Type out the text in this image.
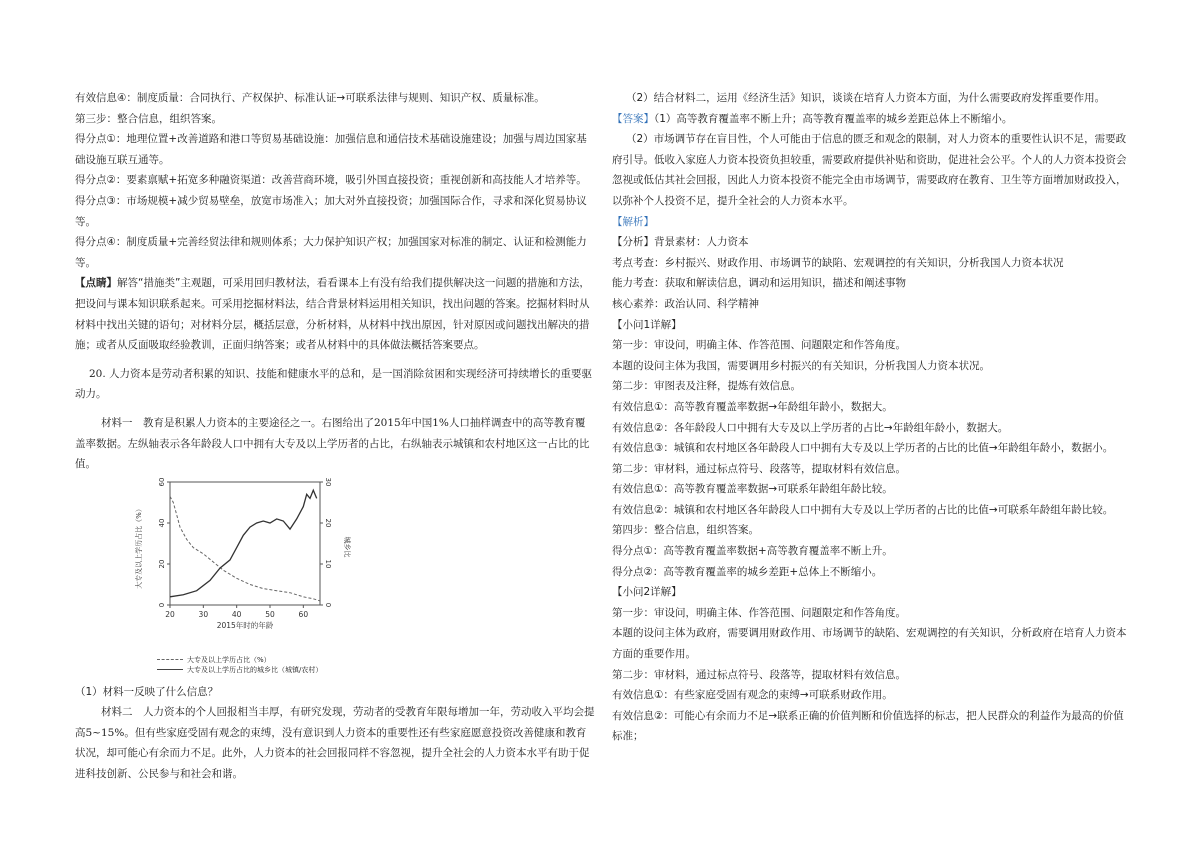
有效信息④：制度质量：合同执行、产权保护、标准认证→可联系法律与规则、知识产权、质量标准。

第三步：整合信息，组织答案。

得分点①：地理位置+改善道路和港口等贸易基础设施：加强信息和通信技术基础设施建设；加强与周边国家基础设施互联互通等。

得分点②：要素禀赋+拓宽多种融资渠道：改善营商环境，吸引外国直接投资；重视创新和高技能人才培养等。

得分点③：市场规模+减少贸易壁垒，放宽市场准入；加大对外直接投资；加强国际合作，寻求和深化贸易协议等。

得分点④：制度质量+完善经贸法律和规则体系；大力保护知识产权；加强国家对标准的制定、认证和检测能力等。

【点睛】解答“措施类”主观题，可采用回归教材法，看看课本上有没有给我们提供解决这一问题的措施和方法，把设问与课本知识联系起来。可采用挖掘材料法，结合背景材料运用相关知识，找出问题的答案。挖掘材料时从材料中找出关键的语句；对材料分层，概括层意，分析材料，从材料中找出原因，针对原因或问题找出解决的措施；或者从反面吸取经验教训，正面归纳答案；或者从材料中的具体做法概括答案要点。

20. 人力资本是劳动者积累的知识、技能和健康水平的总和，是一国消除贫困和实现经济可持续增长的重要驱动力。

材料一　教育是积累人力资本的主要途径之一。右图给出了2015年中国1%人口抽样调查中的高等教育覆盖率数据。左纵轴表示各年龄段人口中拥有大专及以上学历者的占比，右纵轴表示城镇和农村地区这一占比的比值。

20	30	40	50	60
0
20
40
60
0
10
20
30
2015年时的年龄
大专及以上学历占比（%）	城乡比
大专及以上学历占比（%）
大专及以上学历占比的城乡比（城镇/农村）

（1）材料一反映了什么信息？

材料二　人力资本的个人回报相当丰厚，有研究发现，劳动者的受教育年限每增加一年，劳动收入平均会提高5~15%。但有些家庭受固有观念的束缚，没有意识到人力资本的重要性还有些家庭愿意投资改善健康和教育状况，却可能心有余而力不足。此外，人力资本的社会回报同样不容忽视，提升全社会的人力资本水平有助于促进科技创新、公民参与和社会和谐。

（2）结合材料二，运用《经济生活》知识，谈谈在培育人力资本方面，为什么需要政府发挥重要作用。

【答案】（1）高等教育覆盖率不断上升；高等教育覆盖率的城乡差距总体上不断缩小。

（2）市场调节存在盲目性，个人可能由于信息的匮乏和观念的限制，对人力资本的重要性认识不足，需要政府引导。低收入家庭人力资本投资负担较重，需要政府提供补贴和资助，促进社会公平。个人的人力资本投资会忽视或低估其社会回报，因此人力资本投资不能完全由市场调节，需要政府在教育、卫生等方面增加财政投入，以弥补个人投资不足，提升全社会的人力资本水平。

【解析】

【分析】背景素材：人力资本

考点考查：乡村振兴、财政作用、市场调节的缺陷、宏观调控的有关知识，分析我国人力资本状况

能力考查：获取和解读信息，调动和运用知识，描述和阐述事物

核心素养：政治认同、科学精神

【小问1详解】

第一步：审设问，明确主体、作答范围、问题限定和作答角度。

本题的设问主体为我国，需要调用乡村振兴的有关知识，分析我国人力资本状况。

第二步：审图表及注释，提炼有效信息。

有效信息①：高等教育覆盖率数据→年龄组年龄小，数据大。

有效信息②：各年龄段人口中拥有大专及以上学历者的占比→年龄组年龄小，数据大。

有效信息③：城镇和农村地区各年龄段人口中拥有大专及以上学历者的占比的比值→年龄组年龄小，数据小。

第二步：审材料，通过标点符号、段落等，提取材料有效信息。

有效信息①：高等教育覆盖率数据→可联系年龄组年龄比较。

有效信息②：城镇和农村地区各年龄段人口中拥有大专及以上学历者的占比的比值→可联系年龄组年龄比较。

第四步：整合信息，组织答案。

得分点①：高等教育覆盖率数据+高等教育覆盖率不断上升。

得分点②：高等教育覆盖率的城乡差距+总体上不断缩小。

【小问2详解】

第一步：审设问，明确主体、作答范围、问题限定和作答角度。

本题的设问主体为政府，需要调用财政作用、市场调节的缺陷、宏观调控的有关知识，分析政府在培育人力资本方面的重要作用。

第二步：审材料，通过标点符号、段落等，提取材料有效信息。

有效信息①：有些家庭受固有观念的束缚→可联系财政作用。

有效信息②：可能心有余而力不足→联系正确的价值判断和价值选择的标志，把人民群众的利益作为最高的价值标准；
